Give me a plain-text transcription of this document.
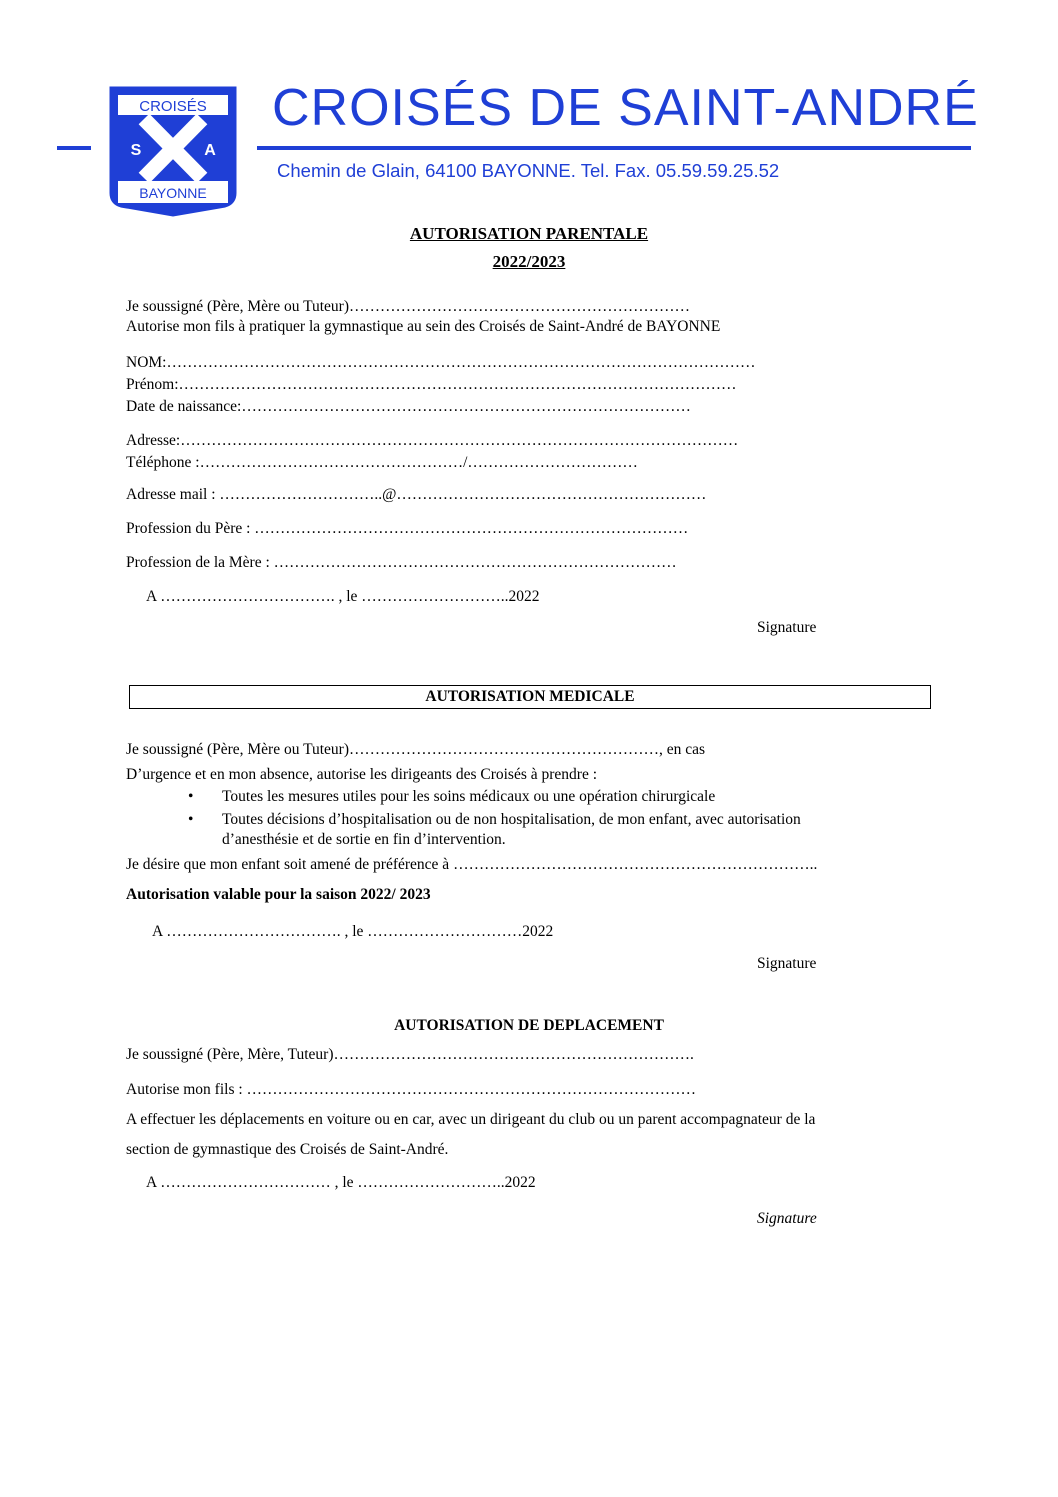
CROISÉS
S	A
BAYONNE
CROISÉS DE SAINT-ANDRÉ
Chemin de Glain, 64100 BAYONNE. Tel. Fax. 05.59.59.25.52
AUTORISATION PARENTALE
2022/2023
Je soussigné (Père, Mère ou Tuteur)…………………………………………………………
Autorise mon fils à pratiquer la gymnastique au sein des Croisés de Saint-André de BAYONNE
NOM:……………………………………………………………………………………………………
Prénom:………………………………………………………………………………………………
Date de naissance:……………………………………………………………………………
Adresse:………………………………………………………………………………………………
Téléphone :……………………………………………/……………………………
Adresse mail : …………………………..@……………………………………………………
Profession du Père : …………………………………………………………………………
Profession de la Mère : ……………………………………………………………………
A ……………………………. , le ………………………..2022
Signature
AUTORISATION MEDICALE
Je soussigné (Père, Mère ou Tuteur)……………………………………………………, en cas
D’urgence et en mon absence, autorise les dirigeants des Croisés à prendre :
• Toutes les mesures utiles pour les soins médicaux ou une opération chirurgicale
• Toutes décisions d’hospitalisation ou de non hospitalisation, de mon enfant, avec autorisation
d’anesthésie et de sortie en fin d’intervention.
Je désire que mon enfant soit amené de préférence à ……………………………………………………………..
Autorisation valable pour la saison 2022/ 2023
A ……………………………. , le …………………………2022
Signature
AUTORISATION DE DEPLACEMENT
Je soussigné (Père, Mère, Tuteur)…………………………………………………………….
Autorise mon fils : ……………………………………………………………………………
A effectuer les déplacements en voiture ou en car, avec un dirigeant du club ou un parent accompagnateur de la
section de gymnastique des Croisés de Saint-André.
A …………………………… , le ………………………..2022
Signature
